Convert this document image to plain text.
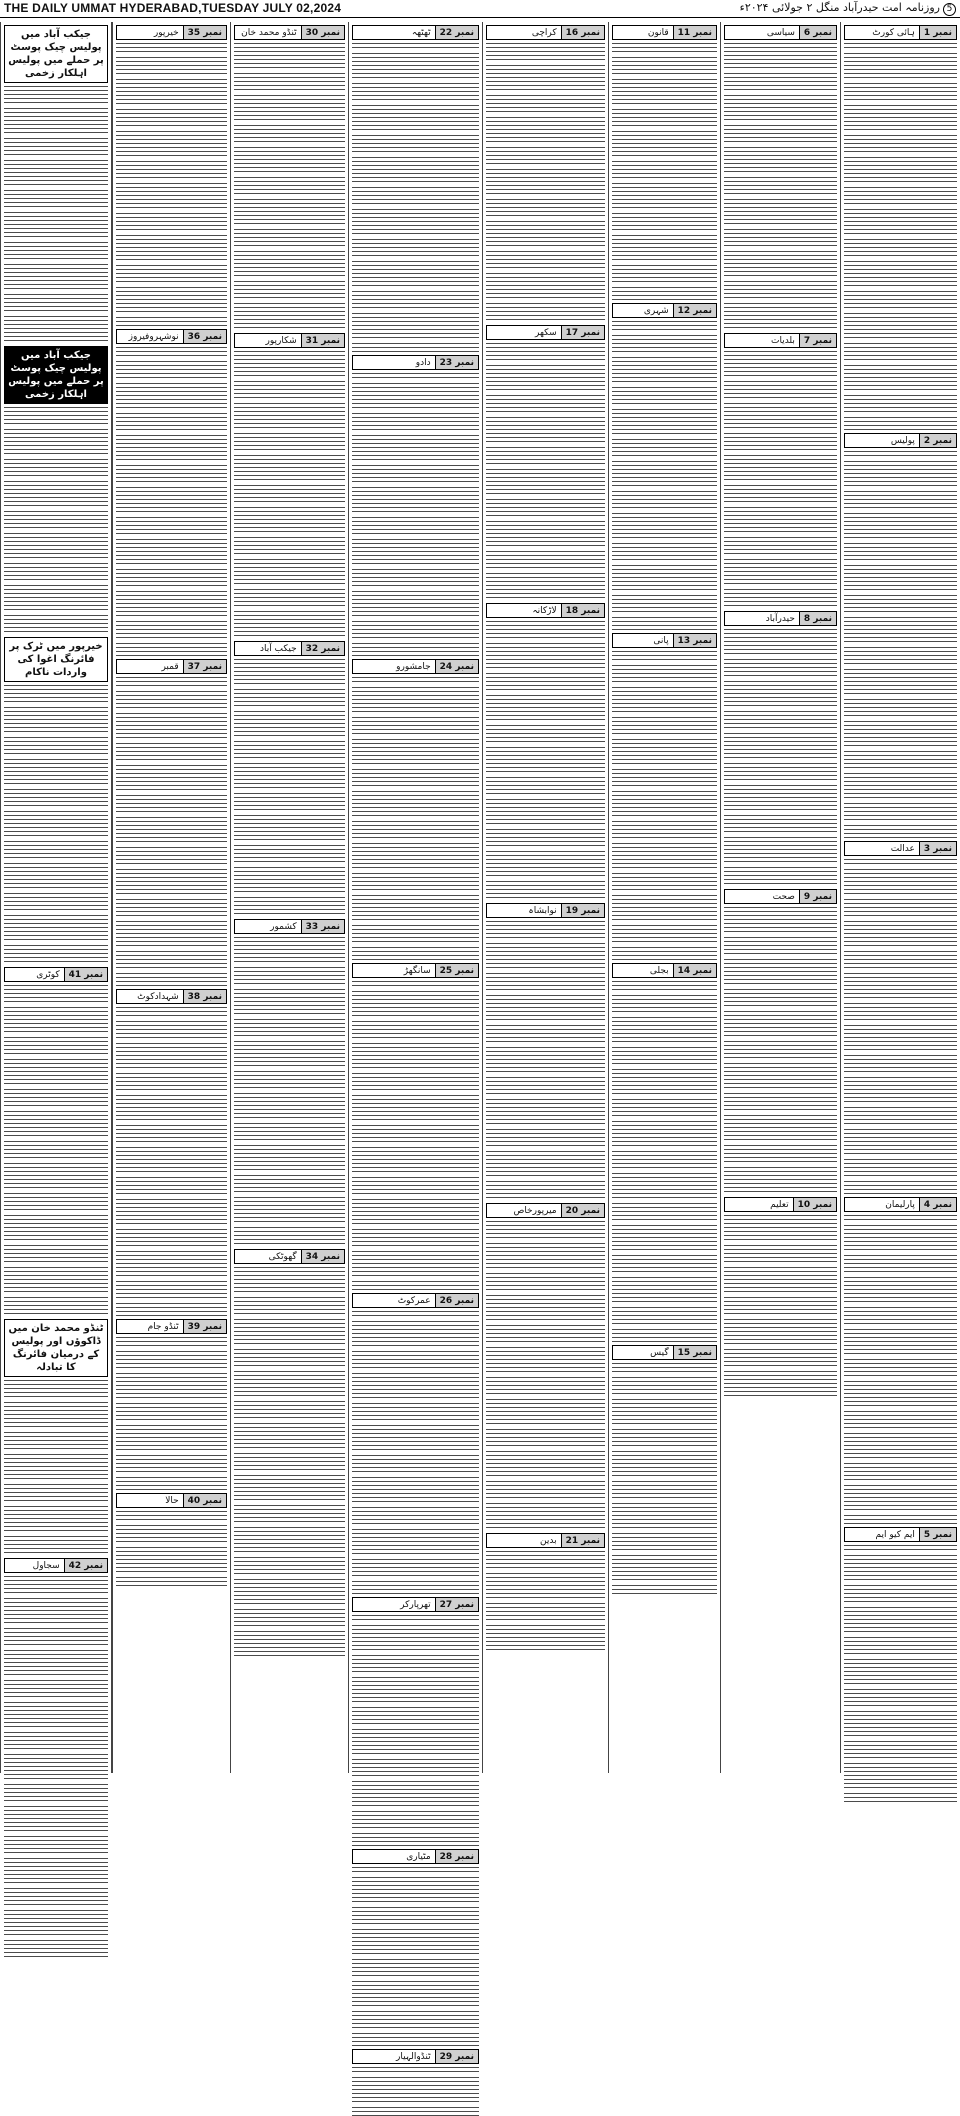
THE DAILY UMMAT HYDERABAD,TUESDAY JULY 02,2024	5روزنامہ امت حیدرآباد منگل ۲ جولائی ۲۰۲۴ء
نمبر 1
ہائی کورٹ
نمبر 2
پولیس
نمبر 3
عدالت
نمبر 4
پارلیمان
نمبر 5
ایم کیو ایم
نمبر 6
سیاسی
نمبر 7
بلدیات
نمبر 8
حیدرآباد
نمبر 9
صحت
نمبر 10
تعلیم
نمبر 11
قانون
نمبر 12
شہری
نمبر 13
پانی
نمبر 14
بجلی
نمبر 15
گیس
نمبر 16
کراچی
نمبر 17
سکھر
نمبر 18
لاڑکانہ
نمبر 19
نوابشاہ
نمبر 20
میرپورخاص
نمبر 21
بدین
نمبر 22
ٹھٹھہ
نمبر 23
دادو
نمبر 24
جامشورو
نمبر 25
سانگھڑ
نمبر 26
عمرکوٹ
نمبر 27
تھرپارکر
نمبر 28
مٹیاری
نمبر 29
ٹنڈوالہیار
نمبر 30
ٹنڈو محمد خان
نمبر 31
شکارپور
نمبر 32
جیکب آباد
نمبر 33
کشمور
نمبر 34
گھوٹکی
نمبر 35
خیرپور
نمبر 36
نوشہروفیروز
نمبر 37
قمبر
نمبر 38
شہدادکوٹ
نمبر 39
ٹنڈو جام
نمبر 40
حالا
جیکب آباد میں پولیس چیک پوسٹ پر حملے میں پولیس اہلکار زخمی
جیکب آباد میں پولیس چیک پوسٹ پر حملے میں پولیس اہلکار زخمی
خیرپور میں ٹرک پر فائرنگ اغوا کی واردات ناکام
نمبر 41
کوٹری
ٹنڈو محمد خان میں ڈاکوؤں اور پولیس کے درمیان فائرنگ کا تبادلہ
نمبر 42
سجاول
